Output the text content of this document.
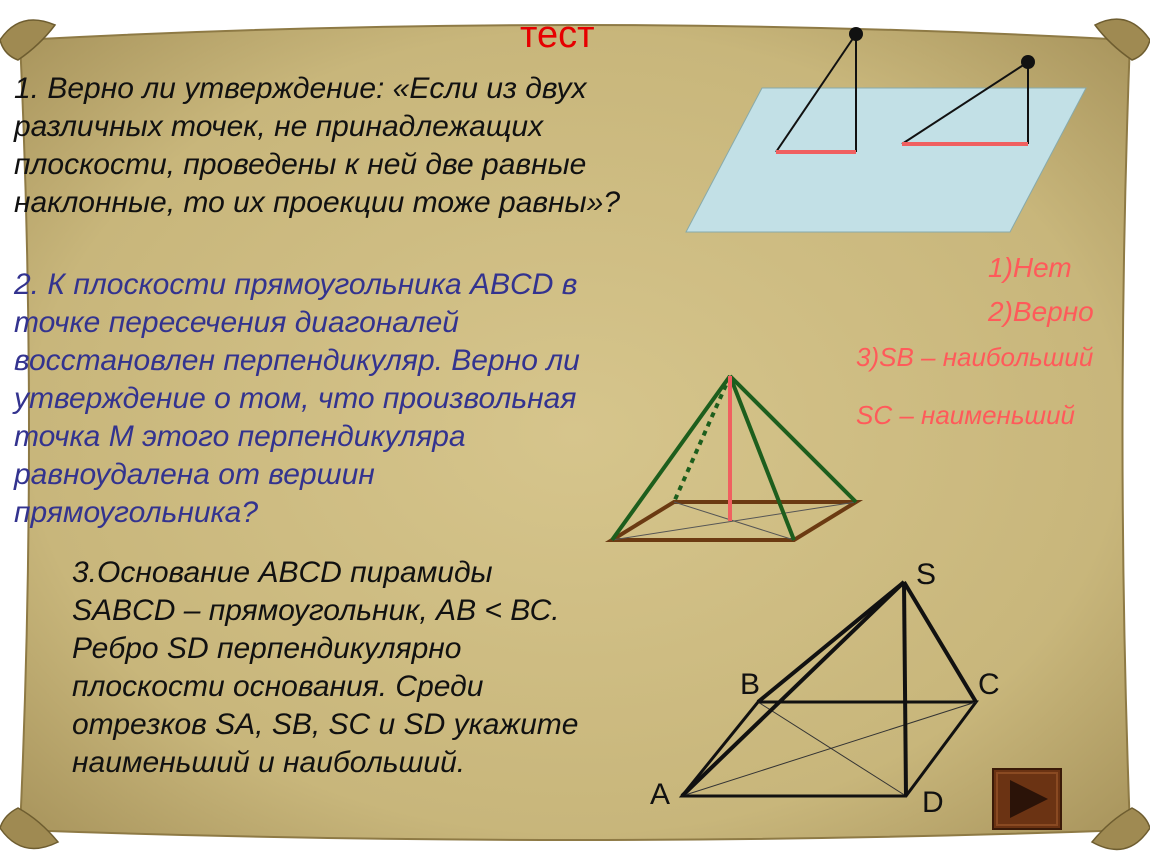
тест

1. Верно ли утверждение: «Если из двух
различных точек, не принадлежащих
плоскости, проведены к ней две равные
наклонные, то их проекции тоже равны»?

2. К плоскости прямоугольника ABCD в
точке пересечения диагоналей
восстановлен перпендикуляр. Верно ли
утверждение о том, что произвольная
точка М этого перпендикуляра
равноудалена от вершин
прямоугольника?

3.Основание ABCD пирамиды
SABCD – прямоугольник, АВ < ВС.
Ребро SD перпендикулярно
плоскости основания. Среди
отрезков SA, SB, SC и SD укажите
наименьший и наибольший.

1)Нет

2)Верно

3)SB – наибольший

SC – наименьший

S

B	C

A	D
